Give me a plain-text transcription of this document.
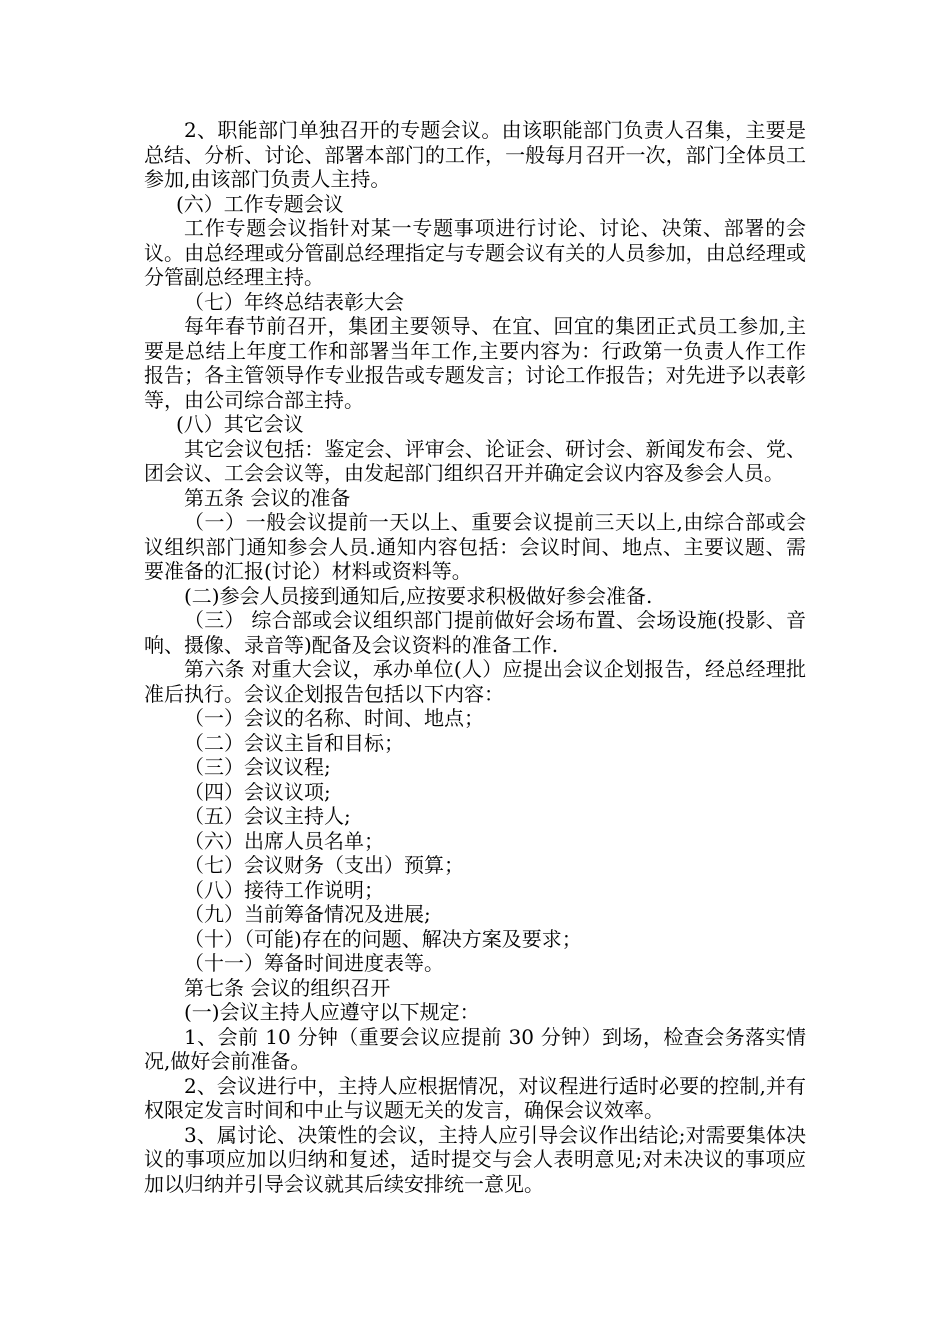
2、职能部门单独召开的专题会议。由该职能部门负责人召集，主要是总结、分析、讨论、部署本部门的工作，一般每月召开一次，部门全体员工参加,由该部门负责人主持。

(六）工作专题会议

工作专题会议指针对某一专题事项进行讨论、讨论、决策、部署的会议。由总经理或分管副总经理指定与专题会议有关的人员参加，由总经理或分管副总经理主持。

（七）年终总结表彰大会

每年春节前召开，集团主要领导、在宜、回宜的集团正式员工参加,主要是总结上年度工作和部署当年工作,主要内容为：行政第一负责人作工作报告；各主管领导作专业报告或专题发言；讨论工作报告；对先进予以表彰等，由公司综合部主持。

(八）其它会议

其它会议包括：鉴定会、评审会、论证会、研讨会、新闻发布会、党、团会议、工会会议等，由发起部门组织召开并确定会议内容及参会人员。

第五条 会议的准备

（一）一般会议提前一天以上、重要会议提前三天以上,由综合部或会议组织部门通知参会人员.通知内容包括：会议时间、地点、主要议题、需要准备的汇报(讨论）材料或资料等。

(二)参会人员接到通知后,应按要求积极做好参会准备.

（三） 综合部或会议组织部门提前做好会场布置、会场设施(投影、音响、摄像、录音等)配备及会议资料的准备工作.

第六条 对重大会议，承办单位(人）应提出会议企划报告，经总经理批准后执行。会议企划报告包括以下内容：

（一）会议的名称、时间、地点；

（二）会议主旨和目标；

（三）会议议程;

（四）会议议项;

（五）会议主持人;

（六）出席人员名单；

（七）会议财务（支出）预算；

（八）接待工作说明；

（九）当前筹备情况及进展;

（十）（可能)存在的问题、解决方案及要求；

（十一）筹备时间进度表等。

第七条 会议的组织召开

(一)会议主持人应遵守以下规定：

1、会前 10 分钟（重要会议应提前 30 分钟）到场，检查会务落实情况,做好会前准备。

2、会议进行中，主持人应根据情况，对议程进行适时必要的控制,并有权限定发言时间和中止与议题无关的发言，确保会议效率。

3、属讨论、决策性的会议，主持人应引导会议作出结论;对需要集体决议的事项应加以归纳和复述，适时提交与会人表明意见;对未决议的事项应加以归纳并引导会议就其后续安排统一意见。
